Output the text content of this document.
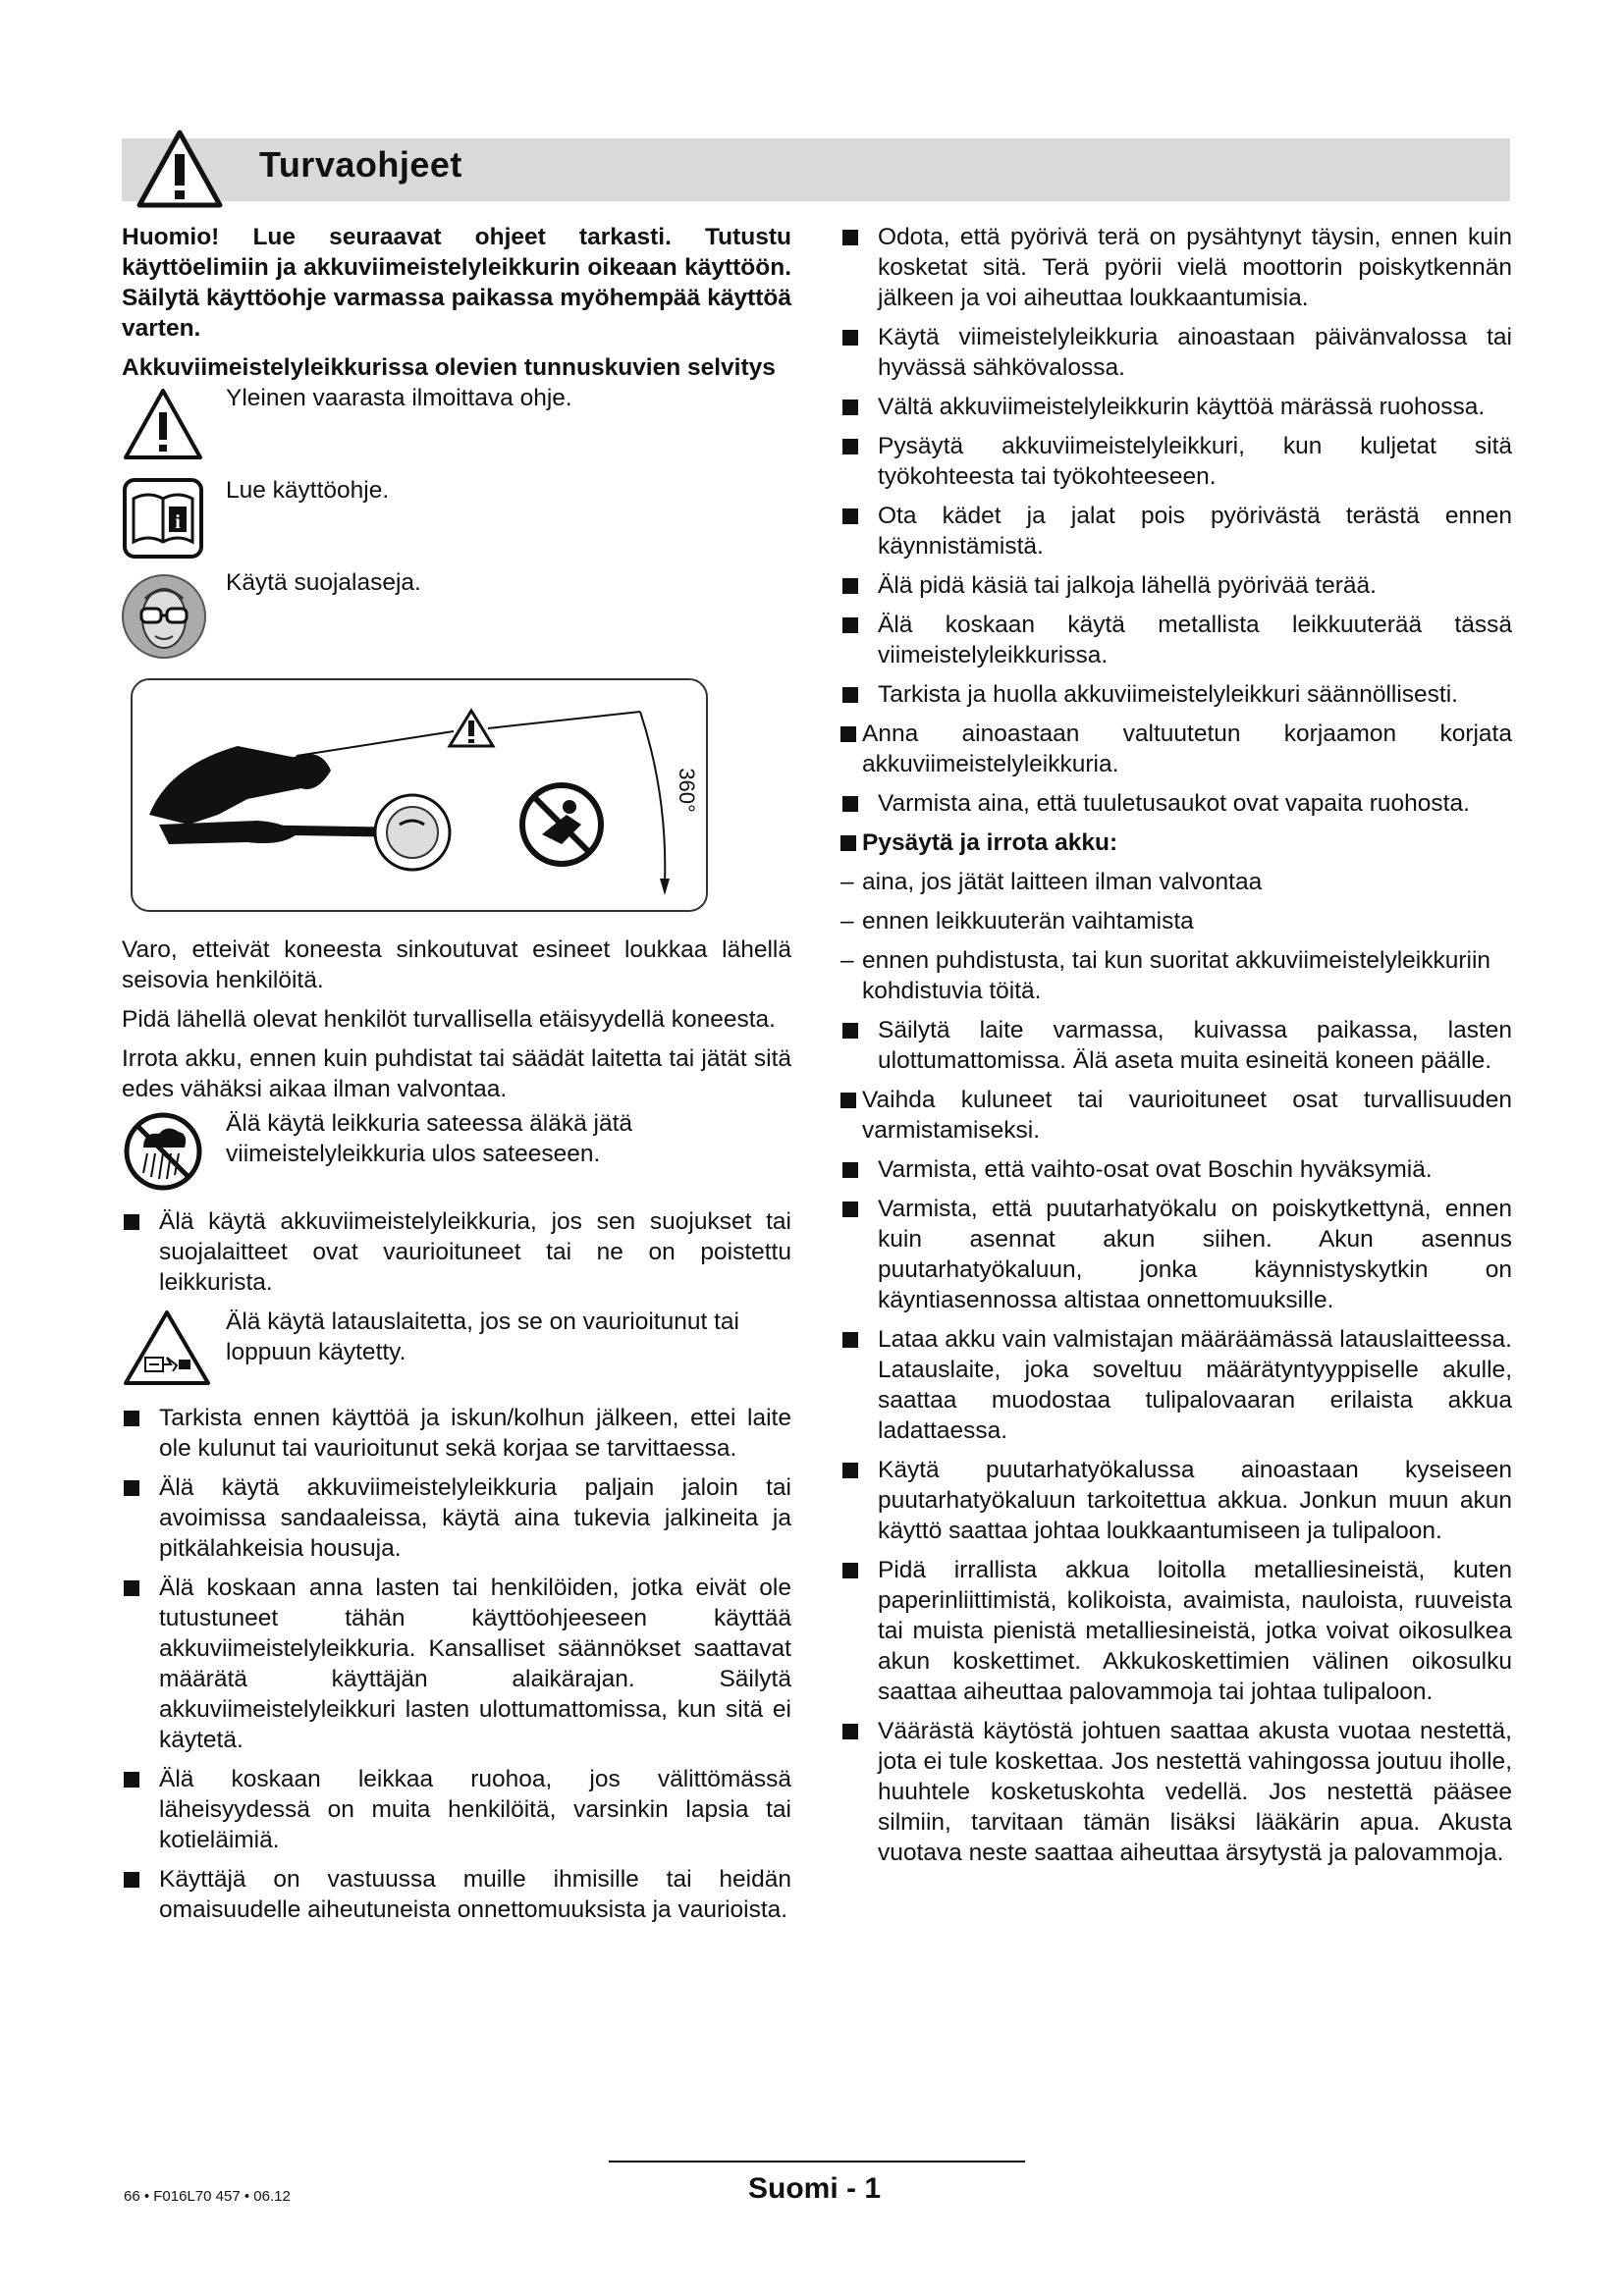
Turvaohjeet

Huomio! Lue seuraavat ohjeet tarkasti. Tutustu käyttöelimiin ja akkuviimeistelyleikkurin oikeaan käyttöön. Säilytä käyttöohje varmassa paikassa myöhempää käyttöä varten.

Akkuviimeistelyleikkurissa olevien tunnuskuvien selvitys

Yleinen vaarasta ilmoittava ohje.
i
Lue käyttöohje.
Käytä suojalaseja.
360°

Varo, etteivät koneesta sinkoutuvat esineet loukkaa lähellä seisovia henkilöitä.

Pidä lähellä olevat henkilöt turvallisella etäisyydellä koneesta.

Irrota akku, ennen kuin puhdistat tai säädät laitetta tai jätät sitä edes vähäksi aikaa ilman valvontaa.

Älä käytä leikkuria sateessa äläkä jätä viimeistelyleikkuria ulos sateeseen.

Älä käytä akkuviimeistelyleikkuria, jos sen suojukset tai suojalaitteet ovat vaurioituneet tai ne on poistettu leikkurista.

Älä käytä latauslaitetta, jos se on vaurioitunut tai loppuun käytetty.

Tarkista ennen käyttöä ja iskun/kolhun jälkeen, ettei laite ole kulunut tai vaurioitunut sekä korjaa se tarvittaessa.

Älä käytä akkuviimeistelyleikkuria paljain jaloin tai avoimissa sandaaleissa, käytä aina tukevia jalkineita ja pitkälahkeisia housuja.

Älä koskaan anna lasten tai henkilöiden, jotka eivät ole tutustuneet tähän käyttöohjeeseen käyttää akkuviimeistelyleikkuria. Kansalliset säännökset saattavat määrätä käyttäjän alaikärajan. Säilytä akkuviimeistelyleikkuri lasten ulottumattomissa, kun sitä ei käytetä.

Älä koskaan leikkaa ruohoa, jos välittömässä läheisyydessä on muita henkilöitä, varsinkin lapsia tai kotieläimiä.

Käyttäjä on vastuussa muille ihmisille tai heidän omaisuudelle aiheutuneista onnettomuuksista ja vaurioista.

Odota, että pyörivä terä on pysähtynyt täysin, ennen kuin kosketat sitä. Terä pyörii vielä moottorin poiskytkennän jälkeen ja voi aiheuttaa loukkaantumisia.

Käytä viimeistelyleikkuria ainoastaan päivänvalossa tai hyvässä sähkövalossa.

Vältä akkuviimeistelyleikkurin käyttöä märässä ruohossa.

Pysäytä akkuviimeistelyleikkuri, kun kuljetat sitä työkohteesta tai työkohteeseen.

Ota kädet ja jalat pois pyörivästä terästä ennen käynnistämistä.

Älä pidä käsiä tai jalkoja lähellä pyörivää terää.

Älä koskaan käytä metallista leikkuuterää tässä viimeistelyleikkurissa.

Tarkista ja huolla akkuviimeistelyleikkuri säännöllisesti.

Anna ainoastaan valtuutetun korjaamon korjata akkuviimeistelyleikkuria.

Varmista aina, että tuuletusaukot ovat vapaita ruohosta.

Pysäytä ja irrota akku:

– aina, jos jätät laitteen ilman valvontaa

– ennen leikkuuterän vaihtamista

– ennen puhdistusta, tai kun suoritat akkuviimeistelyleikkuriin kohdistuvia töitä.

Säilytä laite varmassa, kuivassa paikassa, lasten ulottumattomissa. Älä aseta muita esineitä koneen päälle.

Vaihda kuluneet tai vaurioituneet osat turvallisuuden varmistamiseksi.

Varmista, että vaihto-osat ovat Boschin hyväksymiä.

Varmista, että puutarhatyökalu on poiskytkettynä, ennen kuin asennat akun siihen. Akun asennus puutarhatyökaluun, jonka käynnistyskytkin on käyntiasennossa altistaa onnettomuuksille.

Lataa akku vain valmistajan määräämässä latauslaitteessa. Latauslaite, joka soveltuu määrätyntyyppiselle akulle, saattaa muodostaa tulipalovaaran erilaista akkua ladattaessa.

Käytä puutarhatyökalussa ainoastaan kyseiseen puutarhatyökaluun tarkoitettua akkua. Jonkun muun akun käyttö saattaa johtaa loukkaantumiseen ja tulipaloon.

Pidä irrallista akkua loitolla metalliesineistä, kuten paperinliittimistä, kolikoista, avaimista, nauloista, ruuveista tai muista pienistä metalliesineistä, jotka voivat oikosulkea akun koskettimet. Akkukoskettimien välinen oikosulku saattaa aiheuttaa palovammoja tai johtaa tulipaloon.

Väärästä käytöstä johtuen saattaa akusta vuotaa nestettä, jota ei tule koskettaa. Jos nestettä vahingossa joutuu iholle, huuhtele kosketuskohta vedellä. Jos nestettä pääsee silmiin, tarvitaan tämän lisäksi lääkärin apua. Akusta vuotava neste saattaa aiheuttaa ärsytystä ja palovammoja.

66 • F016L70 457 • 06.12	Suomi - 1
